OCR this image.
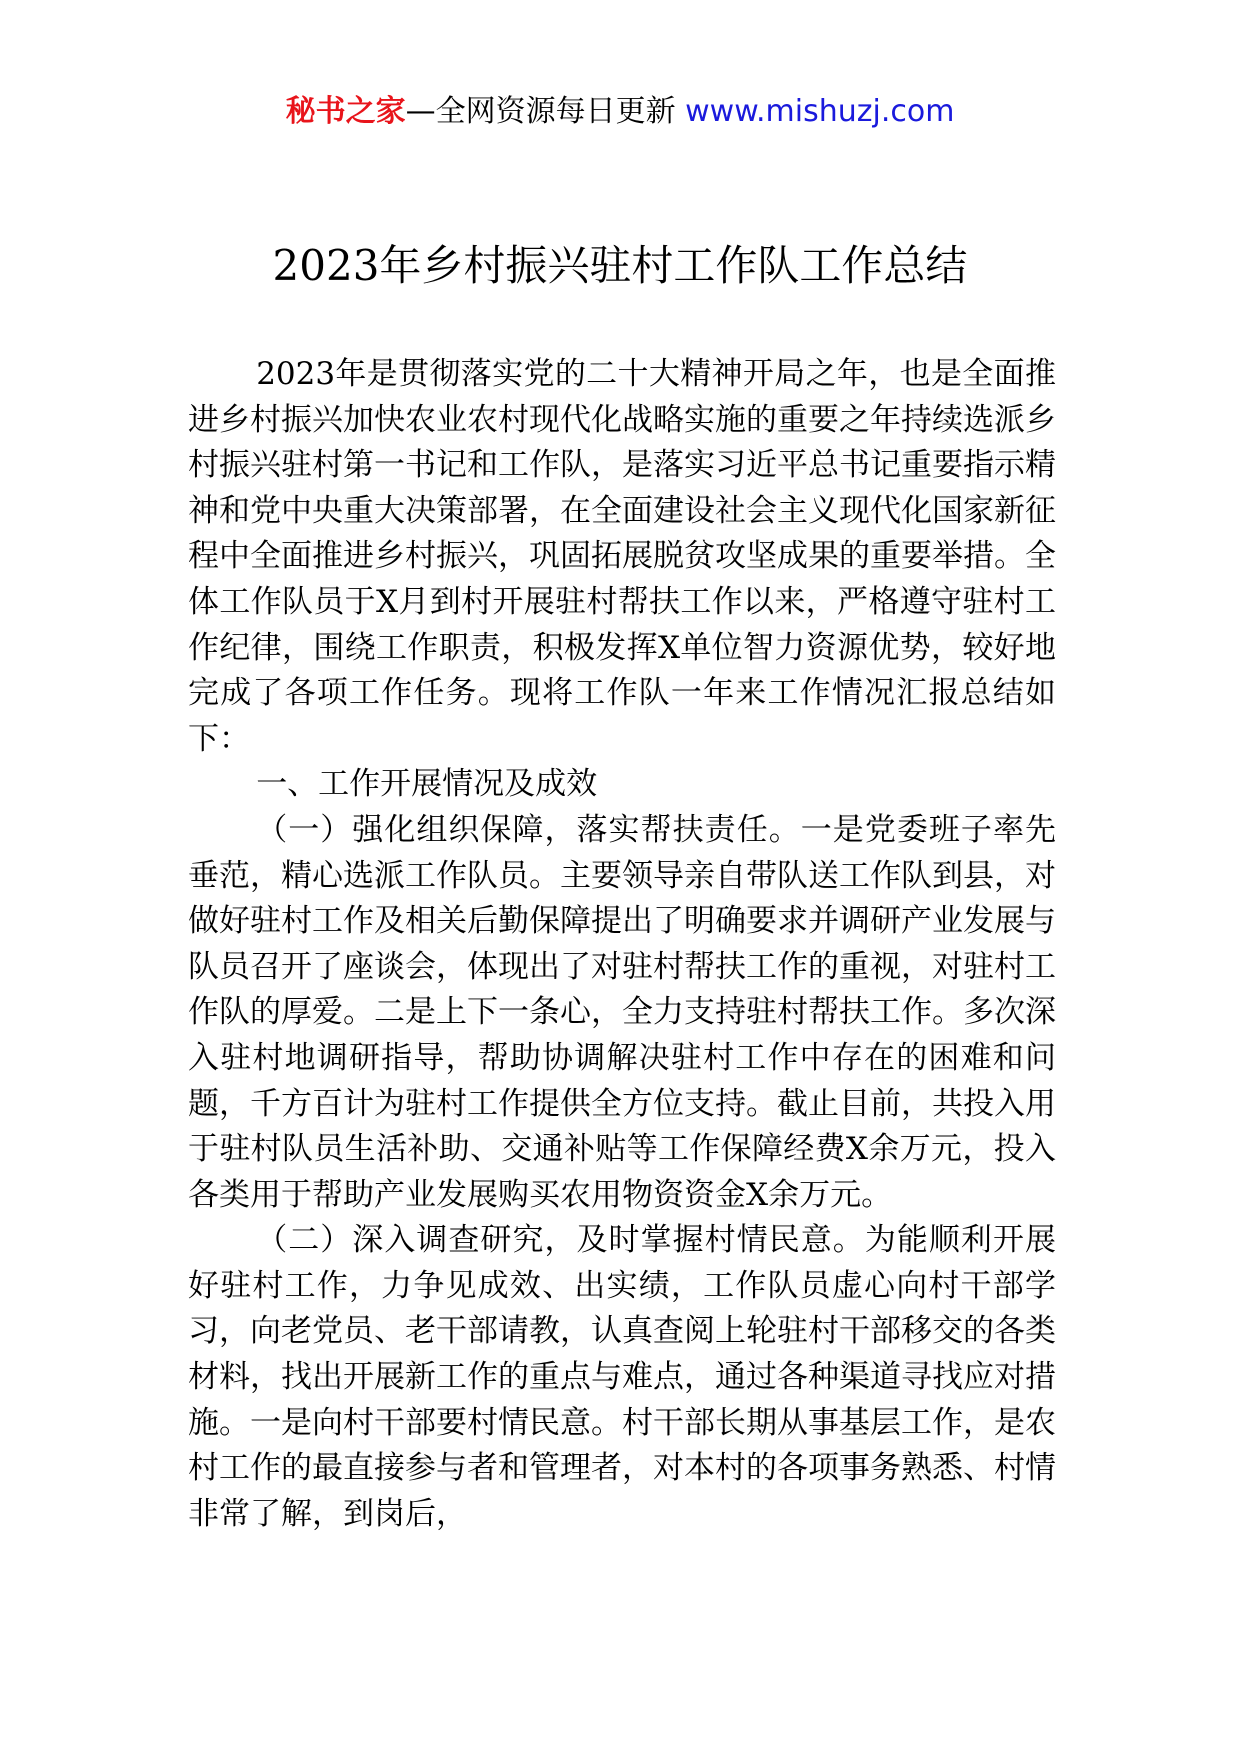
秘书之家—全网资源每日更新 www.mishuzj.com
2023年乡村振兴驻村工作队工作总结

2023年是贯彻落实党的二十大精神开局之年，也是全面推进乡村振兴加快农业农村现代化战略实施的重要之年持续选派乡村振兴驻村第一书记和工作队，是落实习近平总书记重要指示精神和党中央重大决策部署，在全面建设社会主义现代化国家新征程中全面推进乡村振兴，巩固拓展脱贫攻坚成果的重要举措。全体工作队员于X月到村开展驻村帮扶工作以来，严格遵守驻村工作纪律，围绕工作职责，积极发挥X单位智力资源优势，较好地完成了各项工作任务。现将工作队一年来工作情况汇报总结如下：

一、工作开展情况及成效

（一）强化组织保障，落实帮扶责任。一是党委班子率先垂范，精心选派工作队员。主要领导亲自带队送工作队到县，对做好驻村工作及相关后勤保障提出了明确要求并调研产业发展与队员召开了座谈会，体现出了对驻村帮扶工作的重视，对驻村工作队的厚爱。二是上下一条心，全力支持驻村帮扶工作。多次深入驻村地调研指导，帮助协调解决驻村工作中存在的困难和问题，千方百计为驻村工作提供全方位支持。截止目前，共投入用于驻村队员生活补助、交通补贴等工作保障经费X余万元，投入各类用于帮助产业发展购买农用物资资金X余万元。

（二）深入调查研究，及时掌握村情民意。为能顺利开展好驻村工作，力争见成效、出实绩，工作队员虚心向村干部学习，向老党员、老干部请教，认真查阅上轮驻村干部移交的各类材料，找出开展新工作的重点与难点，通过各种渠道寻找应对措施。一是向村干部要村情民意。村干部长期从事基层工作，是农村工作的最直接参与者和管理者，对本村的各项事务熟悉、村情非常了解，到岗后，
